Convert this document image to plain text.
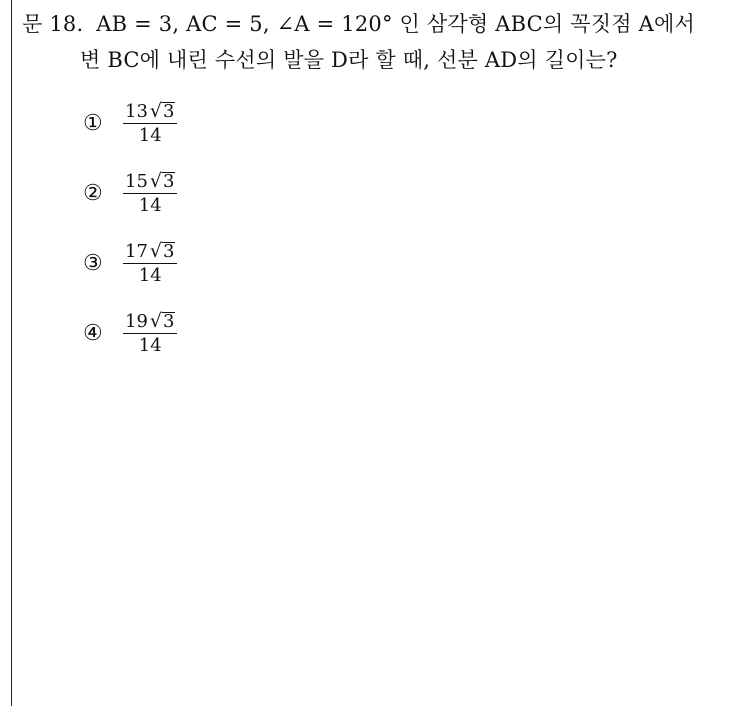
문 18. AB = 3, AC = 5, ∠A = 120° 인 삼각형 ABC의 꼭짓점 A에서
변 BC에 내린 수선의 발을 D라 할 때, 선분 AD의 길이는?
①	$\frac{13 √ 3}{14}$
②	$\frac{15 √ 3}{14}$
③	$\frac{17 √ 3}{14}$
④	$\frac{19 √ 3}{14}$
